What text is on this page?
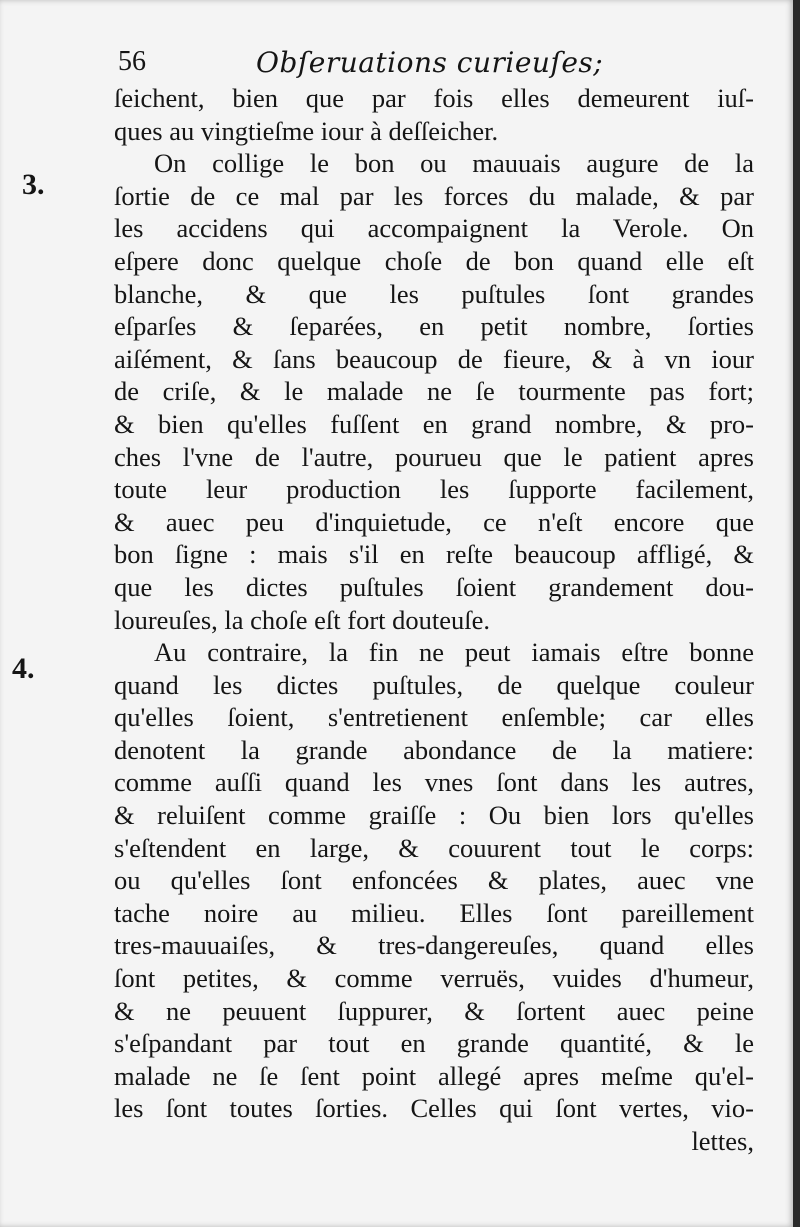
56	Obſeruations curieuſes;
3.
4.
ſeichent, bien que par fois elles demeurent iuſ-
ques au vingtieſme iour à deſſeicher.
On collige le bon ou mauuais augure de la
ſortie de ce mal par les forces du malade, & par
les accidens qui accompaignent la Verole. On
eſpere donc quelque choſe de bon quand elle eſt
blanche, & que les puſtules ſont grandes
eſparſes & ſeparées, en petit nombre, ſorties
aiſément, & ſans beaucoup de fieure, & à vn iour
de criſe, & le malade ne ſe tourmente pas fort;
& bien qu'elles fuſſent en grand nombre, & pro-
ches l'vne de l'autre, pourueu que le patient apres
toute leur production les ſupporte facilement,
& auec peu d'inquietude, ce n'eſt encore que
bon ſigne : mais s'il en reſte beaucoup affligé, &
que les dictes puſtules ſoient grandement dou-
loureuſes, la choſe eſt fort douteuſe.
Au contraire, la fin ne peut iamais eſtre bonne
quand les dictes puſtules, de quelque couleur
qu'elles ſoient, s'entretienent enſemble; car elles
denotent la grande abondance de la matiere:
comme auſſi quand les vnes ſont dans les autres,
& reluiſent comme graiſſe : Ou bien lors qu'elles
s'eſtendent en large, & couurent tout le corps:
ou qu'elles ſont enfoncées & plates, auec vne
tache noire au milieu. Elles ſont pareillement
tres-mauuaiſes, & tres-dangereuſes, quand elles
ſont petites, & comme verruës, vuides d'humeur,
& ne peuuent ſuppurer, & ſortent auec peine
s'eſpandant par tout en grande quantité, & le
malade ne ſe ſent point allegé apres meſme qu'el-
les ſont toutes ſorties. Celles qui ſont vertes, vio-
lettes,
